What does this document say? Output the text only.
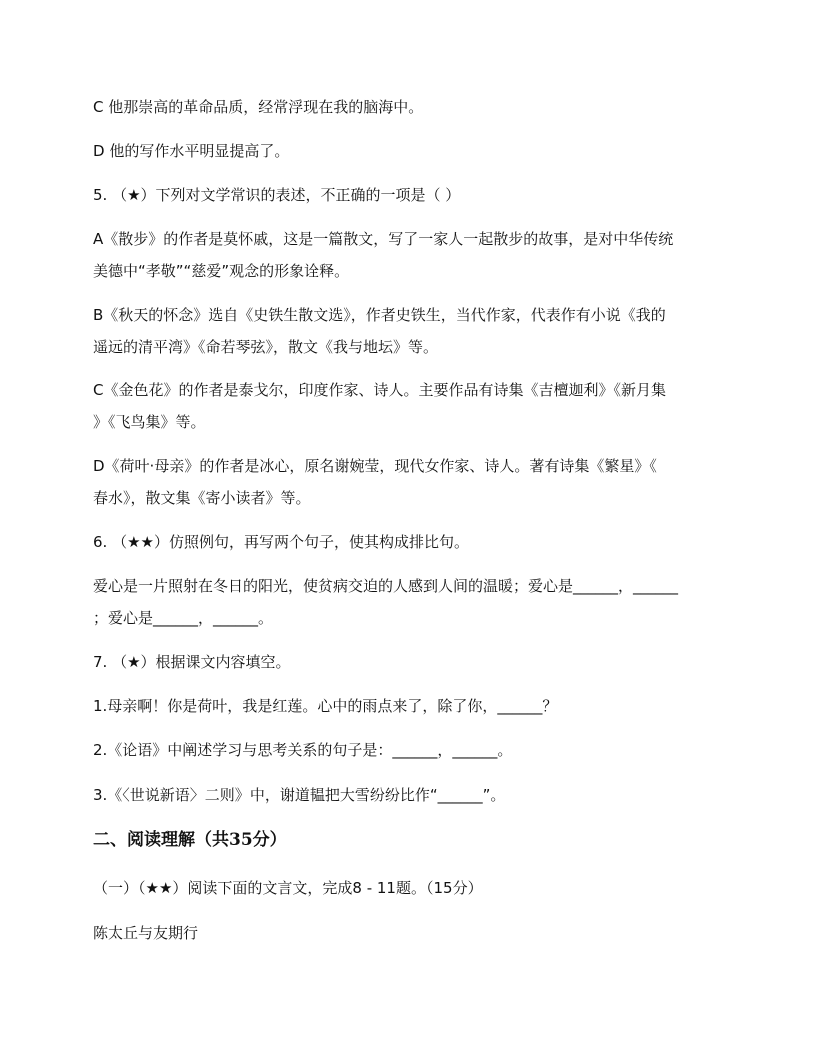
C 他那崇高的革命品质，经常浮现在我的脑海中。
D 他的写作水平明显提高了。
5. （★）下列对文学常识的表述，不正确的一项是（ ）
A《散步》的作者是莫怀戚，这是一篇散文，写了一家人一起散步的故事，是对中华传统
美德中“孝敬”“慈爱”观念的形象诠释。
B《秋天的怀念》选自《史铁生散文选》，作者史铁生，当代作家，代表作有小说《我的
遥远的清平湾》《命若琴弦》，散文《我与地坛》等。
C《金色花》的作者是泰戈尔，印度作家、诗人。主要作品有诗集《吉檀迦利》《新月集
》《飞鸟集》等。
D《荷叶·母亲》的作者是冰心，原名谢婉莹，现代女作家、诗人。著有诗集《繁星》《
春水》，散文集《寄小读者》等。
6. （★★）仿照例句，再写两个句子，使其构成排比句。
爱心是一片照射在冬日的阳光，使贫病交迫的人感到人间的温暖；爱心是______，______
；爱心是______，______。
7. （★）根据课文内容填空。
1.母亲啊！你是荷叶，我是红莲。心中的雨点来了，除了你，______？
2.《论语》中阐述学习与思考关系的句子是：______，______。
3.《〈世说新语〉二则》中，谢道韫把大雪纷纷比作“______”。
二、阅读理解（共35分）
（一）（★★）阅读下面的文言文，完成8 - 11题。（15分）
陈太丘与友期行
